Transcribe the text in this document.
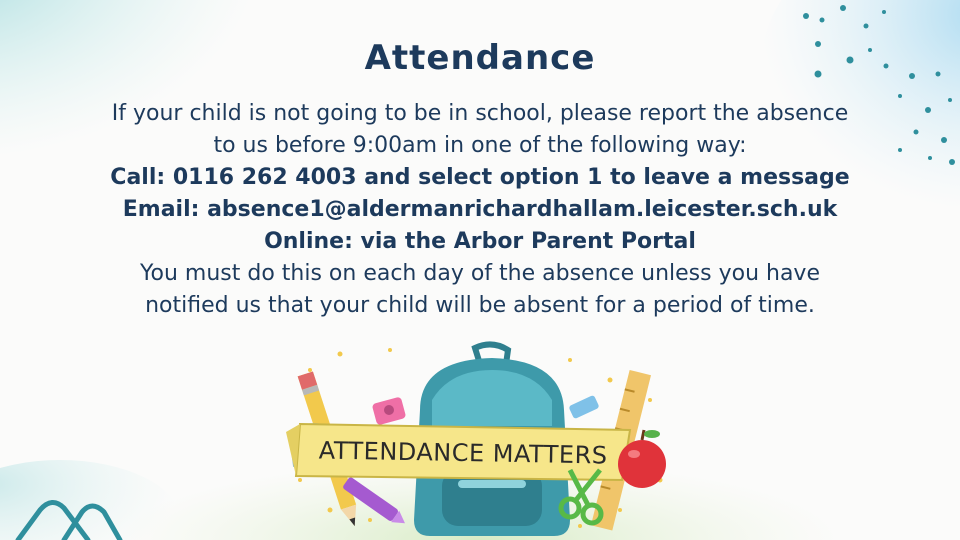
Attendance
If your child is not going to be in school, please report the absence
to us before 9:00am in one of the following way:
Call: 0116 262 4003 and select option 1 to leave a message
Email: absence1@aldermanrichardhallam.leicester.sch.uk
Online: via the Arbor Parent Portal
You must do this on each day of the absence unless you have
notified us that your child will be absent for a period of time.
ATTENDANCE MATTERS
